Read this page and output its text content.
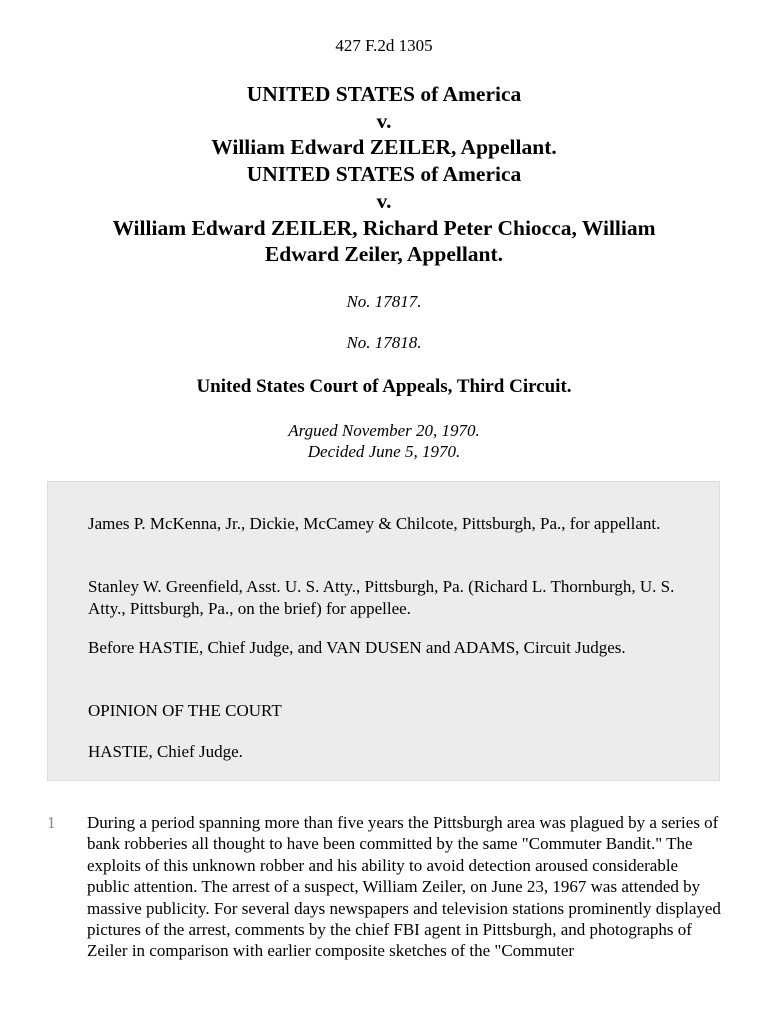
427 F.2d 1305
UNITED STATES of America
v.
William Edward ZEILER, Appellant.
UNITED STATES of America
v.
William Edward ZEILER, Richard Peter Chiocca, William
Edward Zeiler, Appellant.
No. 17817.
No. 17818.
United States Court of Appeals, Third Circuit.
Argued November 20, 1970.
Decided June 5, 1970.

James P. McKenna, Jr., Dickie, McCamey & Chilcote, Pittsburgh, Pa., for appellant.

Stanley W. Greenfield, Asst. U. S. Atty., Pittsburgh, Pa. (Richard L. Thornburgh, U. S. Atty., Pittsburgh, Pa., on the brief) for appellee.

Before HASTIE, Chief Judge, and VAN DUSEN and ADAMS, Circuit Judges.

OPINION OF THE COURT

HASTIE, Chief Judge.

1 During a period spanning more than five years the Pittsburgh area was plagued by a series of bank robberies all thought to have been committed by the same "Commuter Bandit." The exploits of this unknown robber and his ability to avoid detection aroused considerable public attention. The arrest of a suspect, William Zeiler, on June 23, 1967 was attended by massive publicity. For several days newspapers and television stations prominently displayed pictures of the arrest, comments by the chief FBI agent in Pittsburgh, and photographs of Zeiler in comparison with earlier composite sketches of the "Commuter
